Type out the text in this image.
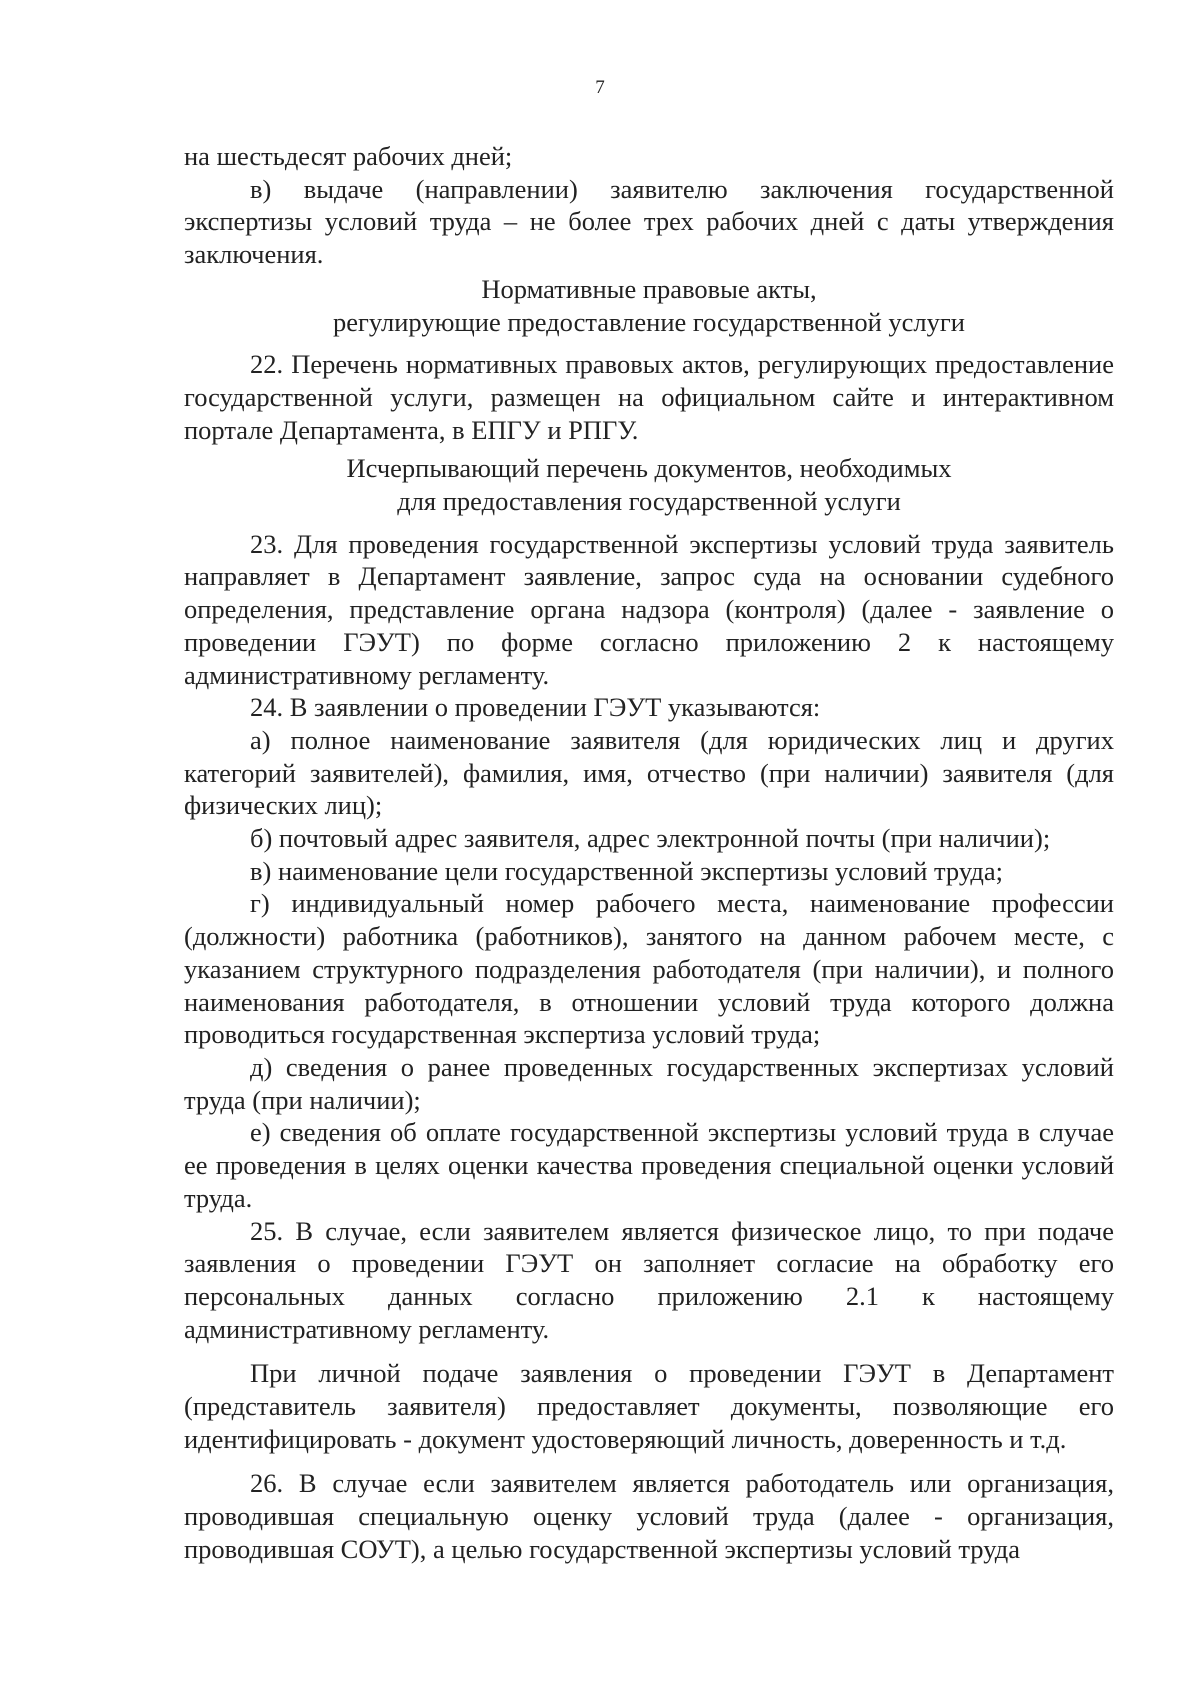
7

на шестьдесят рабочих дней;

в) выдаче (направлении) заявителю заключения государственной экспертизы условий труда – не более трех рабочих дней с даты утверждения заключения.

Нормативные правовые акты,
регулирующие предоставление государственной услуги

22. Перечень нормативных правовых актов, регулирующих предоставление государственной услуги, размещен на официальном сайте и интерактивном портале Департамента, в ЕПГУ и РПГУ.

Исчерпывающий перечень документов, необходимых
для предоставления государственной услуги

23. Для проведения государственной экспертизы условий труда заявитель направляет в Департамент заявление, запрос суда на основании судебного определения, представление органа надзора (контроля) (далее - заявление о проведении ГЭУТ) по форме согласно приложению 2 к настоящему административному регламенту.

24. В заявлении о проведении ГЭУТ указываются:

а) полное наименование заявителя (для юридических лиц и других категорий заявителей), фамилия, имя, отчество (при наличии) заявителя (для физических лиц);

б) почтовый адрес заявителя, адрес электронной почты (при наличии);

в) наименование цели государственной экспертизы условий труда;

г) индивидуальный номер рабочего места, наименование профессии (должности) работника (работников), занятого на данном рабочем месте, с указанием структурного подразделения работодателя (при наличии), и полного наименования работодателя, в отношении условий труда которого должна проводиться государственная экспертиза условий труда;

д) сведения о ранее проведенных государственных экспертизах условий труда (при наличии);

е) сведения об оплате государственной экспертизы условий труда в случае ее проведения в целях оценки качества проведения специальной оценки условий труда.

25. В случае, если заявителем является физическое лицо, то при подаче заявления о проведении ГЭУТ он заполняет согласие на обработку его персональных данных согласно приложению 2.1 к настоящему административному регламенту.

При личной подаче заявления о проведении ГЭУТ в Департамент (представитель заявителя) предоставляет документы, позволяющие его идентифицировать - документ удостоверяющий личность, доверенность и т.д.

26. В случае если заявителем является работодатель или организация, проводившая специальную оценку условий труда (далее - организация, проводившая СОУТ), а целью государственной экспертизы условий труда
